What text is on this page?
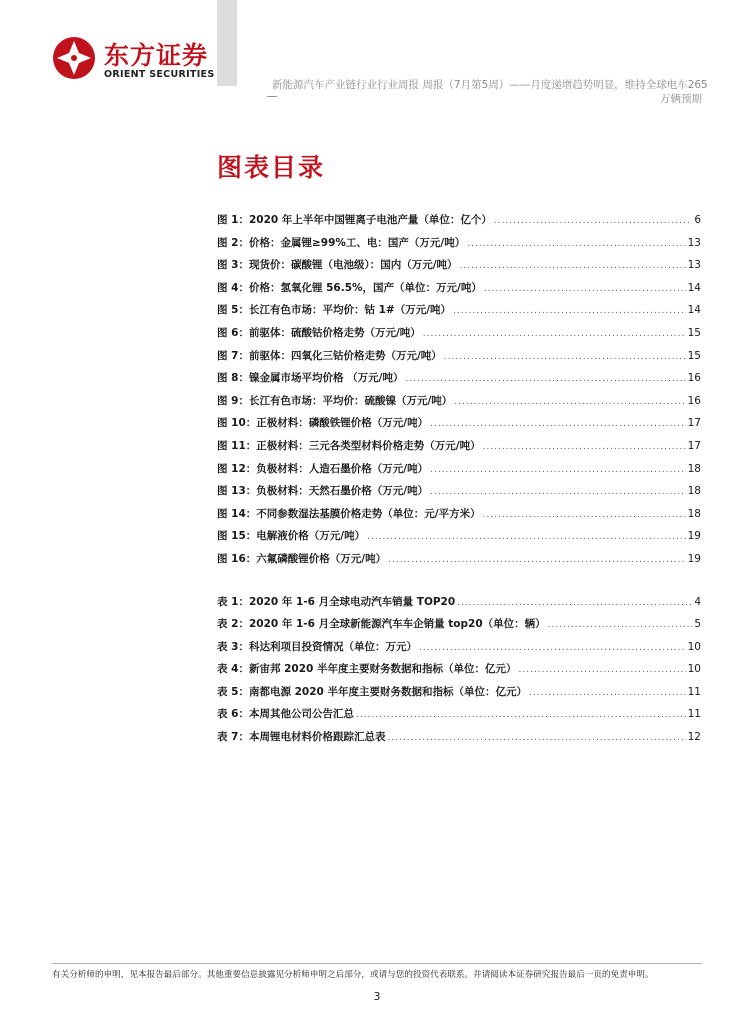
东方证券
ORIENT SECURITIES
新能源汽车产业链行业行业周报 周报（7月第5周）——月度递增趋势明显，维持全球电车265
万辆预期
图表目录
图 1：2020 年上半年中国锂离子电池产量（单位：亿个） .....	6
图 2：价格：金属锂≥99%工、电：国产（万元/吨） .....	13
图 3：现货价：碳酸锂（电池级）：国内（万元/吨） .....	13
图 4：价格：氢氧化锂 56.5%，国产（单位：万元/吨） .....	14
图 5：长江有色市场：平均价：钴 1#（万元/吨） .....	14
图 6：前驱体：硫酸钴价格走势（万元/吨） .....	15
图 7：前驱体：四氧化三钴价格走势（万元/吨） .....	15
图 8：镍金属市场平均价格 （万元/吨） .....	16
图 9：长江有色市场：平均价：硫酸镍（万元/吨） .....	16
图 10：正极材料：磷酸铁锂价格（万元/吨） .....	17
图 11：正极材料：三元各类型材料价格走势（万元/吨） .....	17
图 12：负极材料：人造石墨价格（万元/吨） .....	18
图 13：负极材料：天然石墨价格（万元/吨） .....	18
图 14：不同参数湿法基膜价格走势（单位：元/平方米） .....	18
图 15：电解液价格（万元/吨） .....	19
图 16：六氟磷酸锂价格（万元/吨） .....	19
表 1：2020 年 1-6 月全球电动汽车销量 TOP20 .....	4
表 2：2020 年 1-6 月全球新能源汽车车企销量 top20（单位：辆） .....	5
表 3：科达利项目投资情况（单位：万元） .....	10
表 4：新宙邦 2020 半年度主要财务数据和指标（单位：亿元） .....	10
表 5：南都电源 2020 半年度主要财务数据和指标（单位：亿元） .....	11
表 6：本周其他公司公告汇总 .....	11
表 7：本周锂电材料价格跟踪汇总表 .....	12
有关分析师的申明，见本报告最后部分。其他重要信息披露见分析师申明之后部分，或请与您的投资代表联系。并请阅读本证券研究报告最后一页的免责申明。
3
